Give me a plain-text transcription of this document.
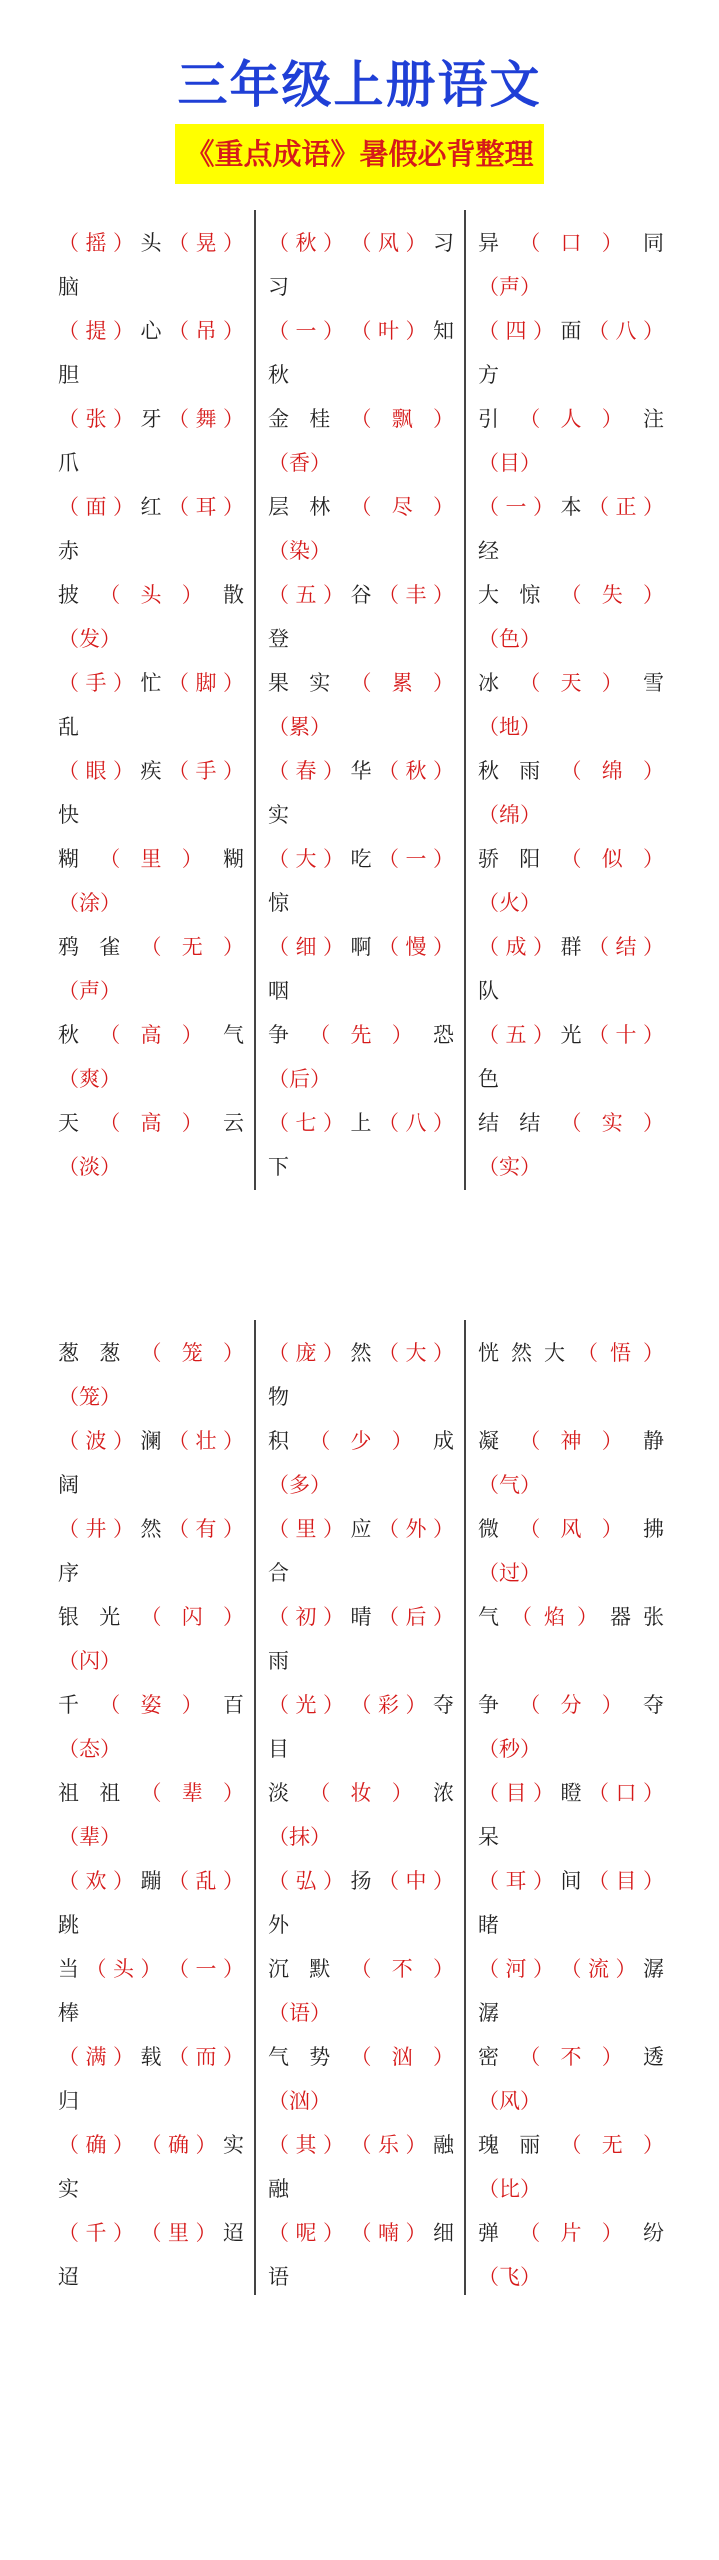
三年级上册语文
《重点成语》暑假必背整理
（ 摇 ） 头 （ 晃 ）
脑
（ 提 ） 心 （ 吊 ）
胆
（ 张 ） 牙 （ 舞 ）
爪
（ 面 ） 红 （ 耳 ）
赤
披 （ 头 ） 散
（发）
（ 手 ） 忙 （ 脚 ）
乱
（ 眼 ） 疾 （ 手 ）
快
糊 （ 里 ） 糊
（涂）
鸦 雀 （ 无 ）
（声）
秋 （ 高 ） 气
（爽）
天 （ 高 ） 云
（淡）
（ 秋 ） （ 风 ） 习
习
（ 一 ） （ 叶 ） 知
秋
金 桂 （ 飘 ）
（香）
层 林 （ 尽 ）
（染）
（ 五 ） 谷 （ 丰 ）
登
果 实 （ 累 ）
（累）
（ 春 ） 华 （ 秋 ）
实
（ 大 ） 吃 （ 一 ）
惊
（ 细 ） 啊 （ 慢 ）
咽
争 （ 先 ） 恐
（后）
（ 七 ） 上 （ 八 ）
下
异 （ 口 ） 同
（声）
（ 四 ） 面 （ 八 ）
方
引 （ 人 ） 注
（目）
（ 一 ） 本 （ 正 ）
经
大 惊 （ 失 ）
（色）
冰 （ 天 ） 雪
（地）
秋 雨 （ 绵 ）
（绵）
骄 阳 （ 似 ）
（火）
（ 成 ） 群 （ 结 ）
队
（ 五 ） 光 （ 十 ）
色
结 结 （ 实 ）
（实）
葱 葱 （ 笼 ）
（笼）
（ 波 ） 澜 （ 壮 ）
阔
（ 井 ） 然 （ 有 ）
序
银 光 （ 闪 ）
（闪）
千 （ 姿 ） 百
（态）
祖 祖 （ 辈 ）
（辈）
（ 欢 ） 蹦 （ 乱 ）
跳
当 （ 头 ） （ 一 ）
棒
（ 满 ） 载 （ 而 ）
归
（ 确 ） （ 确 ） 实
实
（ 千 ） （ 里 ） 迢
迢
（ 庞 ） 然 （ 大 ）
物
积 （ 少 ） 成
（多）
（ 里 ） 应 （ 外 ）
合
（ 初 ） 晴 （ 后 ）
雨
（ 光 ） （ 彩 ） 夺
目
淡 （ 妆 ） 浓
（抹）
（ 弘 ） 扬 （ 中 ）
外
沉 默 （ 不 ）
（语）
气 势 （ 汹 ）
（汹）
（ 其 ） （ 乐 ） 融
融
（ 呢 ） （ 喃 ） 细
语
恍 然 大 （ 悟 ）
凝 （ 神 ） 静
（气）
微 （ 风 ） 拂
（过）
气 （ 焰 ） 器 张
争 （ 分 ） 夺
（秒）
（ 目 ） 瞪 （ 口 ）
呆
（ 耳 ） 间 （ 目 ）
睹
（ 河 ） （ 流 ） 潺
潺
密 （ 不 ） 透
（风）
瑰 丽 （ 无 ）
（比）
弹 （ 片 ） 纷
（飞）
